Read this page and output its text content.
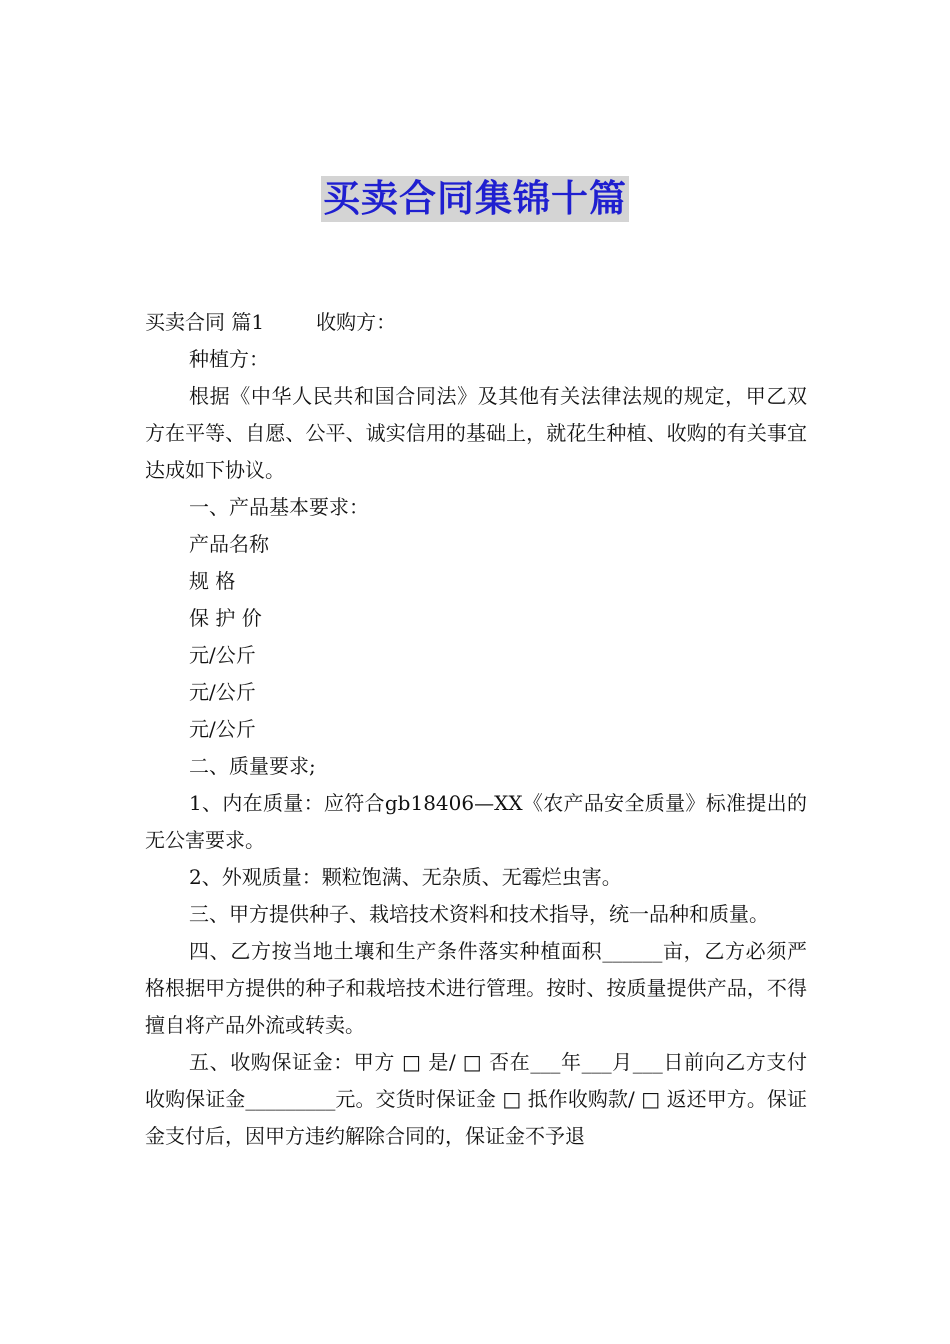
买卖合同集锦十篇

买卖合同 篇1	收购方：

种植方：

根据《中华人民共和国合同法》及其他有关法律法规的规定，甲乙双方在平等、自愿、公平、诚实信用的基础上，就花生种植、收购的有关事宜达成如下协议。

一、产品基本要求：

产品名称

规 格

保 护 价

元/公斤

元/公斤

元/公斤

二、质量要求;

1、内在质量：应符合gb18406—XX《农产品安全质量》标准提出的无公害要求。

2、外观质量：颗粒饱满、无杂质、无霉烂虫害。

三、甲方提供种子、栽培技术资料和技术指导，统一品种和质量。

四、乙方按当地土壤和生产条件落实种植面积______亩，乙方必须严格根据甲方提供的种子和栽培技术进行管理。按时、按质量提供产品，不得擅自将产品外流或转卖。

五、收购保证金：甲方 □ 是/ □ 否在___年___月___日前向乙方支付收购保证金_________元。交货时保证金 □ 抵作收购款/ □ 返还甲方。保证金支付后，因甲方违约解除合同的，保证金不予退
